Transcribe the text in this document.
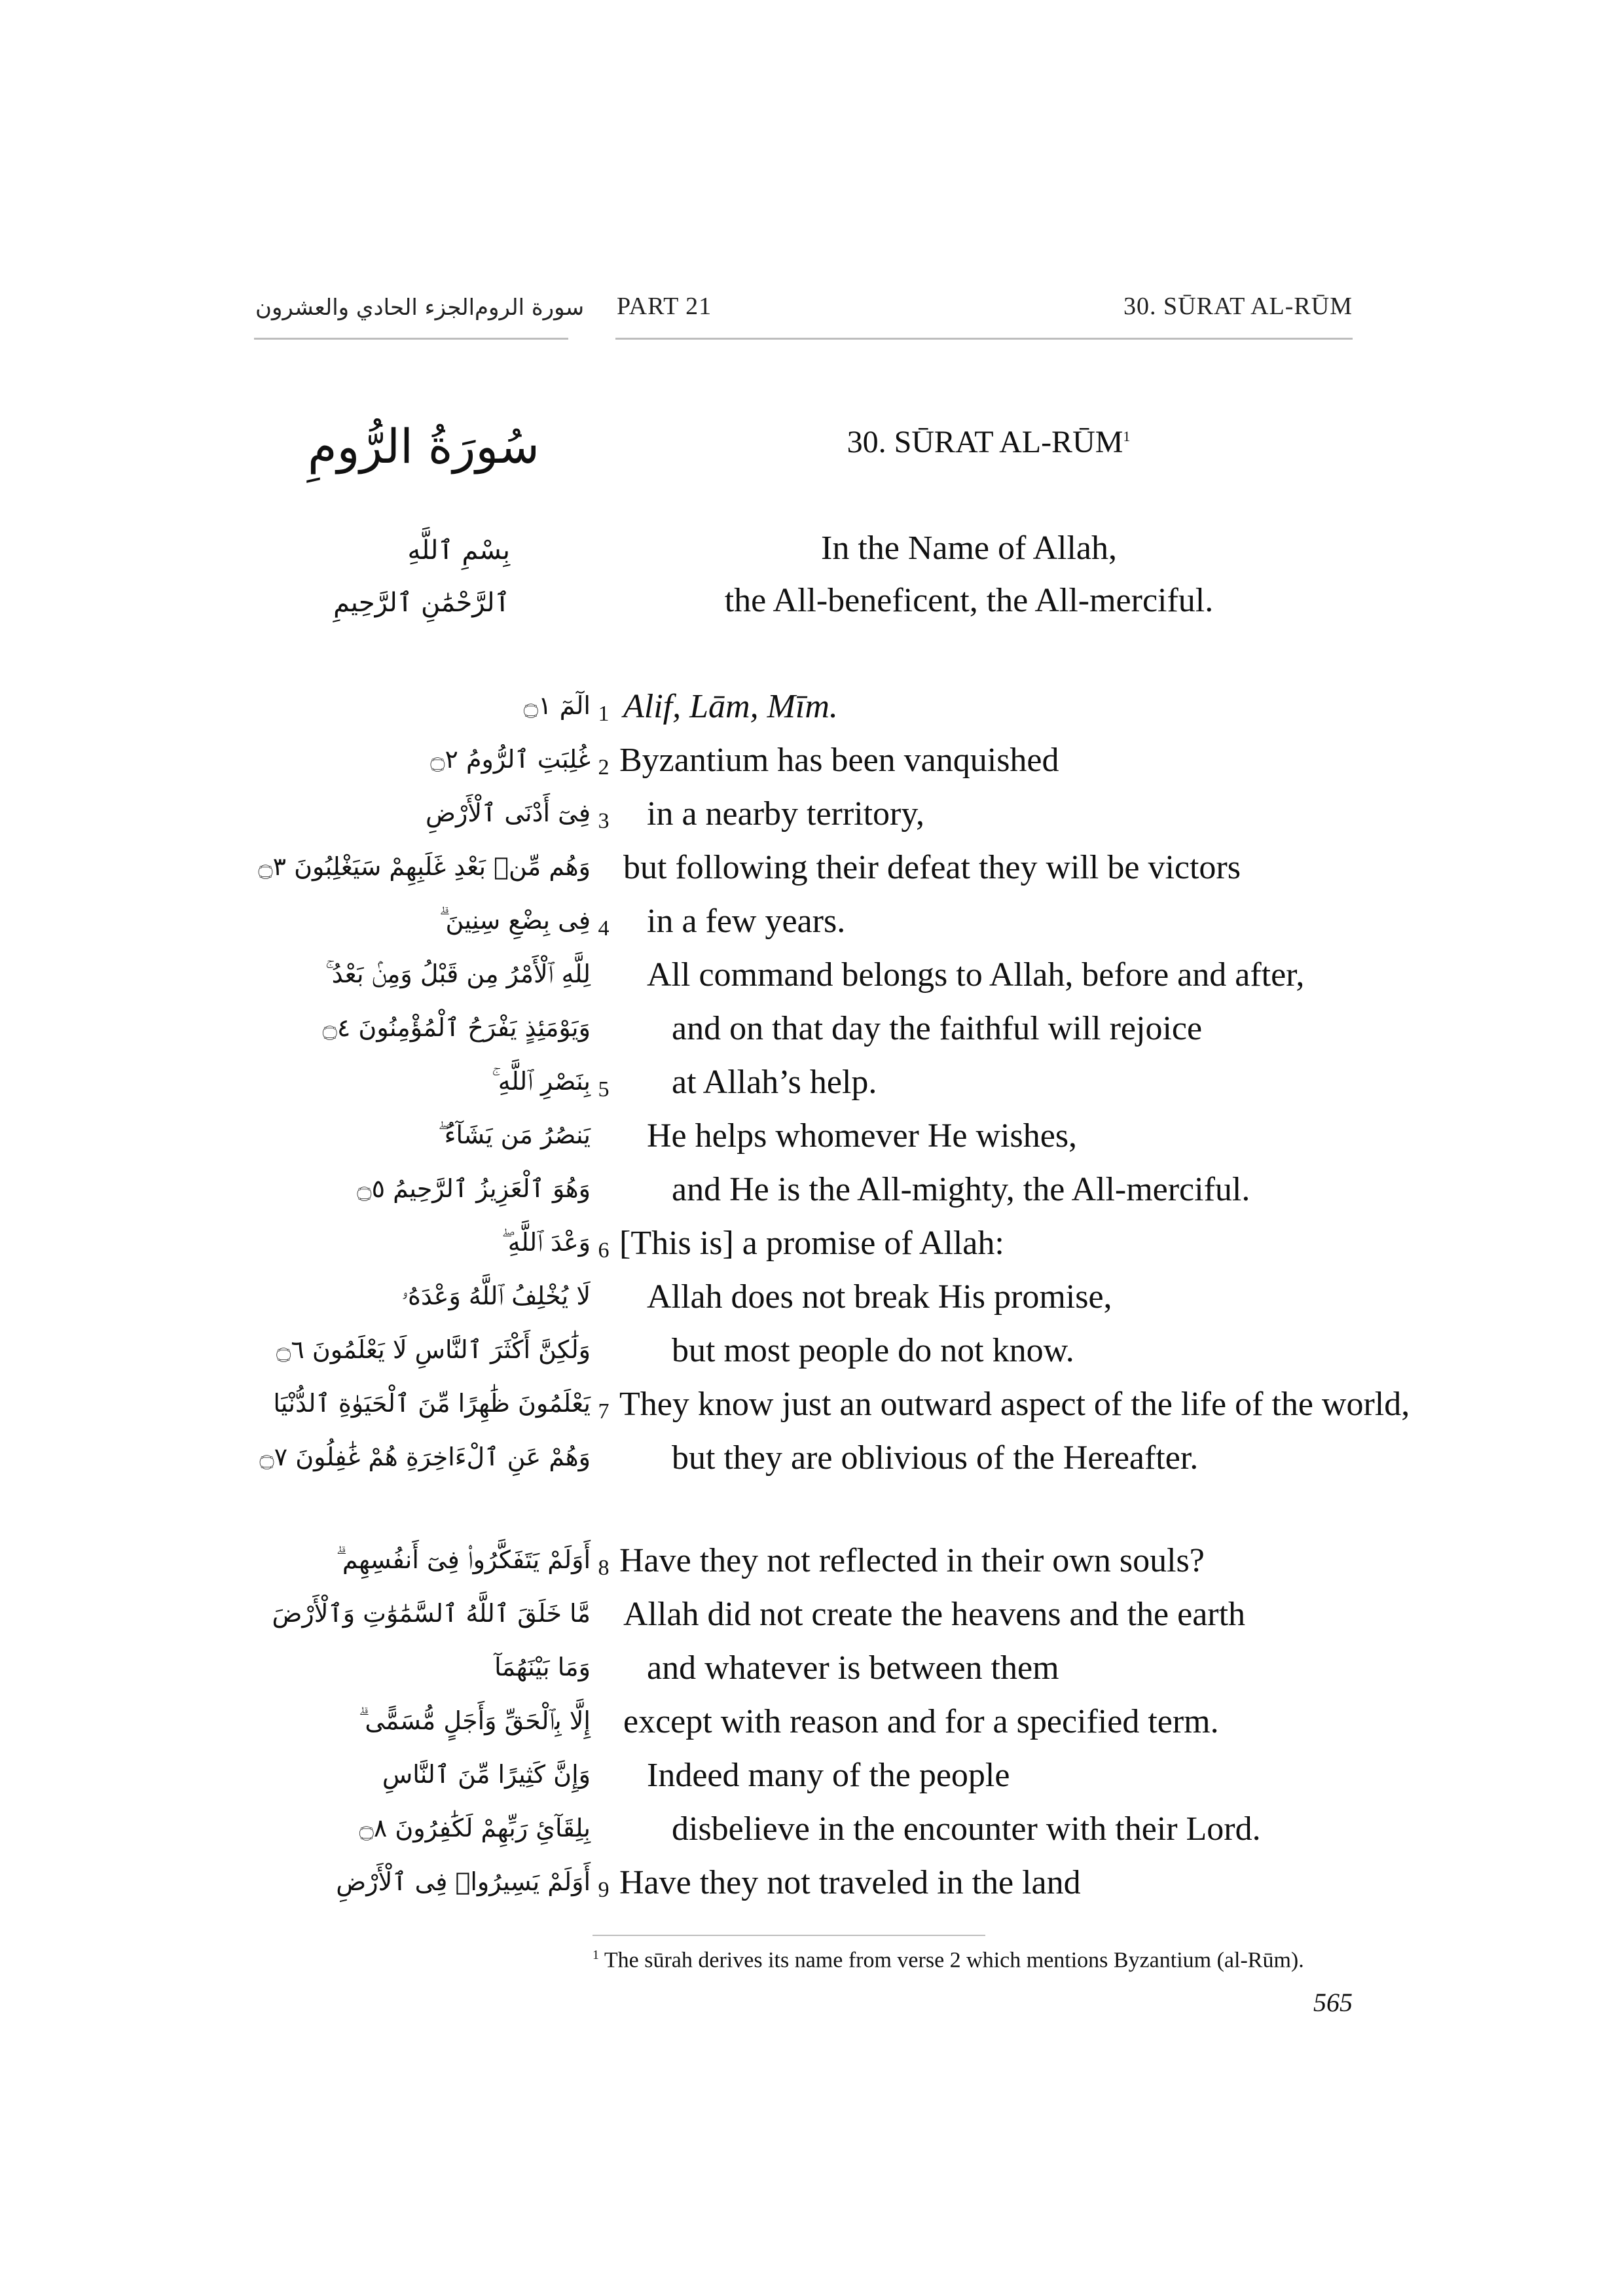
الجزء الحادي والعشرون سورة الروم PART 21	30. SŪRAT AL-RŪM
سُورَةُ الرُّومِ	30. SŪRAT AL-RŪM$^1$
بِسْمِ ٱللَّهِ
ٱلرَّحْمَٰنِ ٱلرَّحِيمِ
In the Name of Allah,
the All-beneficent, the All-merciful.
الٓمٓ ۝١ 1 Alif, Lām, Mīm.
غُلِبَتِ ٱلرُّومُ ۝٢ 2 Byzantium has been vanquished
فِىٓ أَدْنَى ٱلْأَرْضِ 3 in a nearby territory,
وَهُم مِّنۢ بَعْدِ غَلَبِهِمْ سَيَغْلِبُونَ ۝٣ but following their defeat they will be victors
فِى بِضْعِ سِنِينَ ۗ 4 in a few years.
لِلَّهِ ٱلْأَمْرُ مِن قَبْلُ وَمِنۢ بَعْدُ ۚ All command belongs to Allah, before and after,
وَيَوْمَئِذٍ يَفْرَحُ ٱلْمُؤْمِنُونَ ۝٤ and on that day the faithful will rejoice
بِنَصْرِ ٱللَّهِ ۚ 5 at Allah’s help.
يَنصُرُ مَن يَشَآءُ ۖ He helps whomever He wishes,
وَهُوَ ٱلْعَزِيزُ ٱلرَّحِيمُ ۝٥ and He is the All-mighty, the All-merciful.
وَعْدَ ٱللَّهِ ۖ 6 [This is] a promise of Allah:
لَا يُخْلِفُ ٱللَّهُ وَعْدَهُۥ Allah does not break His promise,
وَلَٰكِنَّ أَكْثَرَ ٱلنَّاسِ لَا يَعْلَمُونَ ۝٦ but most people do not know.
يَعْلَمُونَ ظَٰهِرًا مِّنَ ٱلْحَيَوٰةِ ٱلدُّنْيَا 7 They know just an outward aspect of the life of the world,
وَهُمْ عَنِ ٱلْءَاخِرَةِ هُمْ غَٰفِلُونَ ۝٧ but they are oblivious of the Hereafter.
أَوَلَمْ يَتَفَكَّرُوا۟ فِىٓ أَنفُسِهِم ۗ 8 Have they not reflected in their own souls?
مَّا خَلَقَ ٱللَّهُ ٱلسَّمَٰوَٰتِ وَٱلْأَرْضَ Allah did not create the heavens and the earth
وَمَا بَيْنَهُمَآ and whatever is between them
إِلَّا بِٱلْحَقِّ وَأَجَلٍ مُّسَمًّى ۗ except with reason and for a specified term.
وَإِنَّ كَثِيرًا مِّنَ ٱلنَّاسِ Indeed many of the people
بِلِقَآئِ رَبِّهِمْ لَكَٰفِرُونَ ۝٨ disbelieve in the encounter with their Lord.
أَوَلَمْ يَسِيرُوا۟ فِى ٱلْأَرْضِ 9 Have they not traveled in the land
$^1$ The sūrah derives its name from verse 2 which mentions Byzantium (al-Rūm).
565
